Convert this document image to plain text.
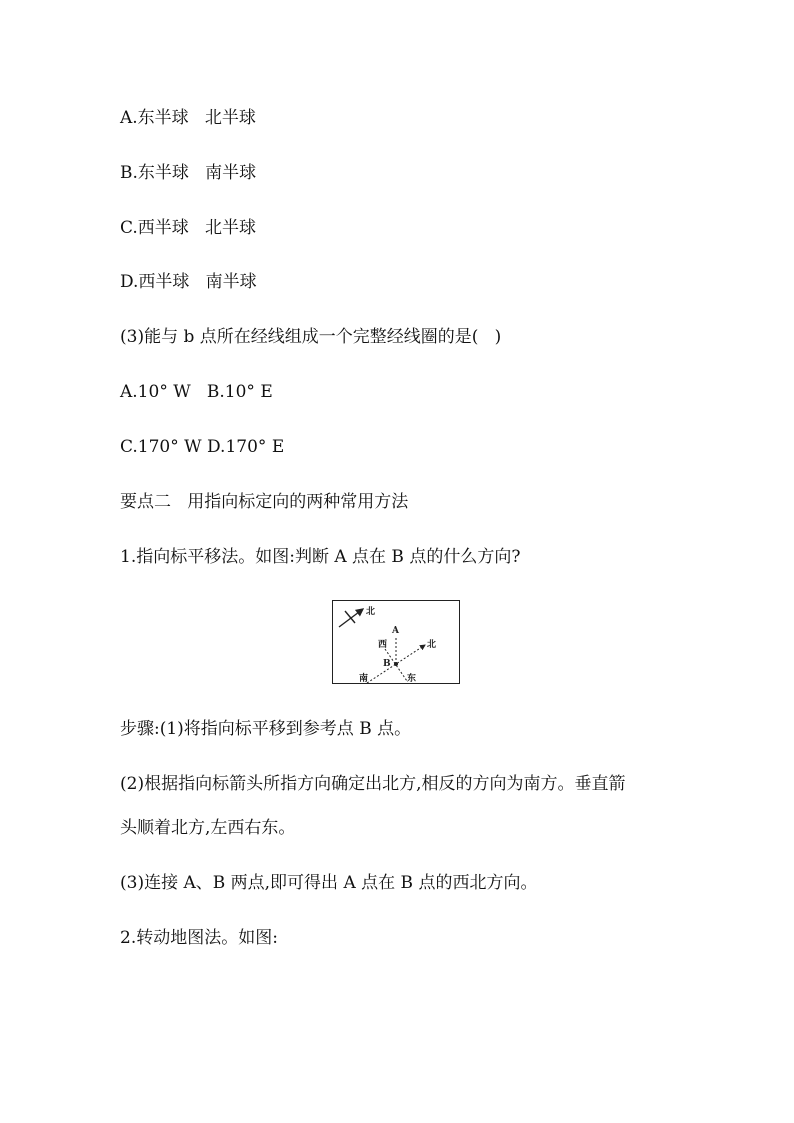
A.东半球   北半球
B.东半球   南半球
C.西半球   北半球
D.西半球   南半球
(3)能与 b 点所在经线组成一个完整经线圈的是(   )
A.10° W   B.10° E
C.170° W D.170° E
要点二   用指向标定向的两种常用方法
1.指向标平移法。如图:判断 A 点在 B 点的什么方向?
北
A
西
B
北
南	东
步骤:(1)将指向标平移到参考点 B 点。
(2)根据指向标箭头所指方向确定出北方,相反的方向为南方。垂直箭
头顺着北方,左西右东。
(3)连接 A、B 两点,即可得出 A 点在 B 点的西北方向。
2.转动地图法。如图:
